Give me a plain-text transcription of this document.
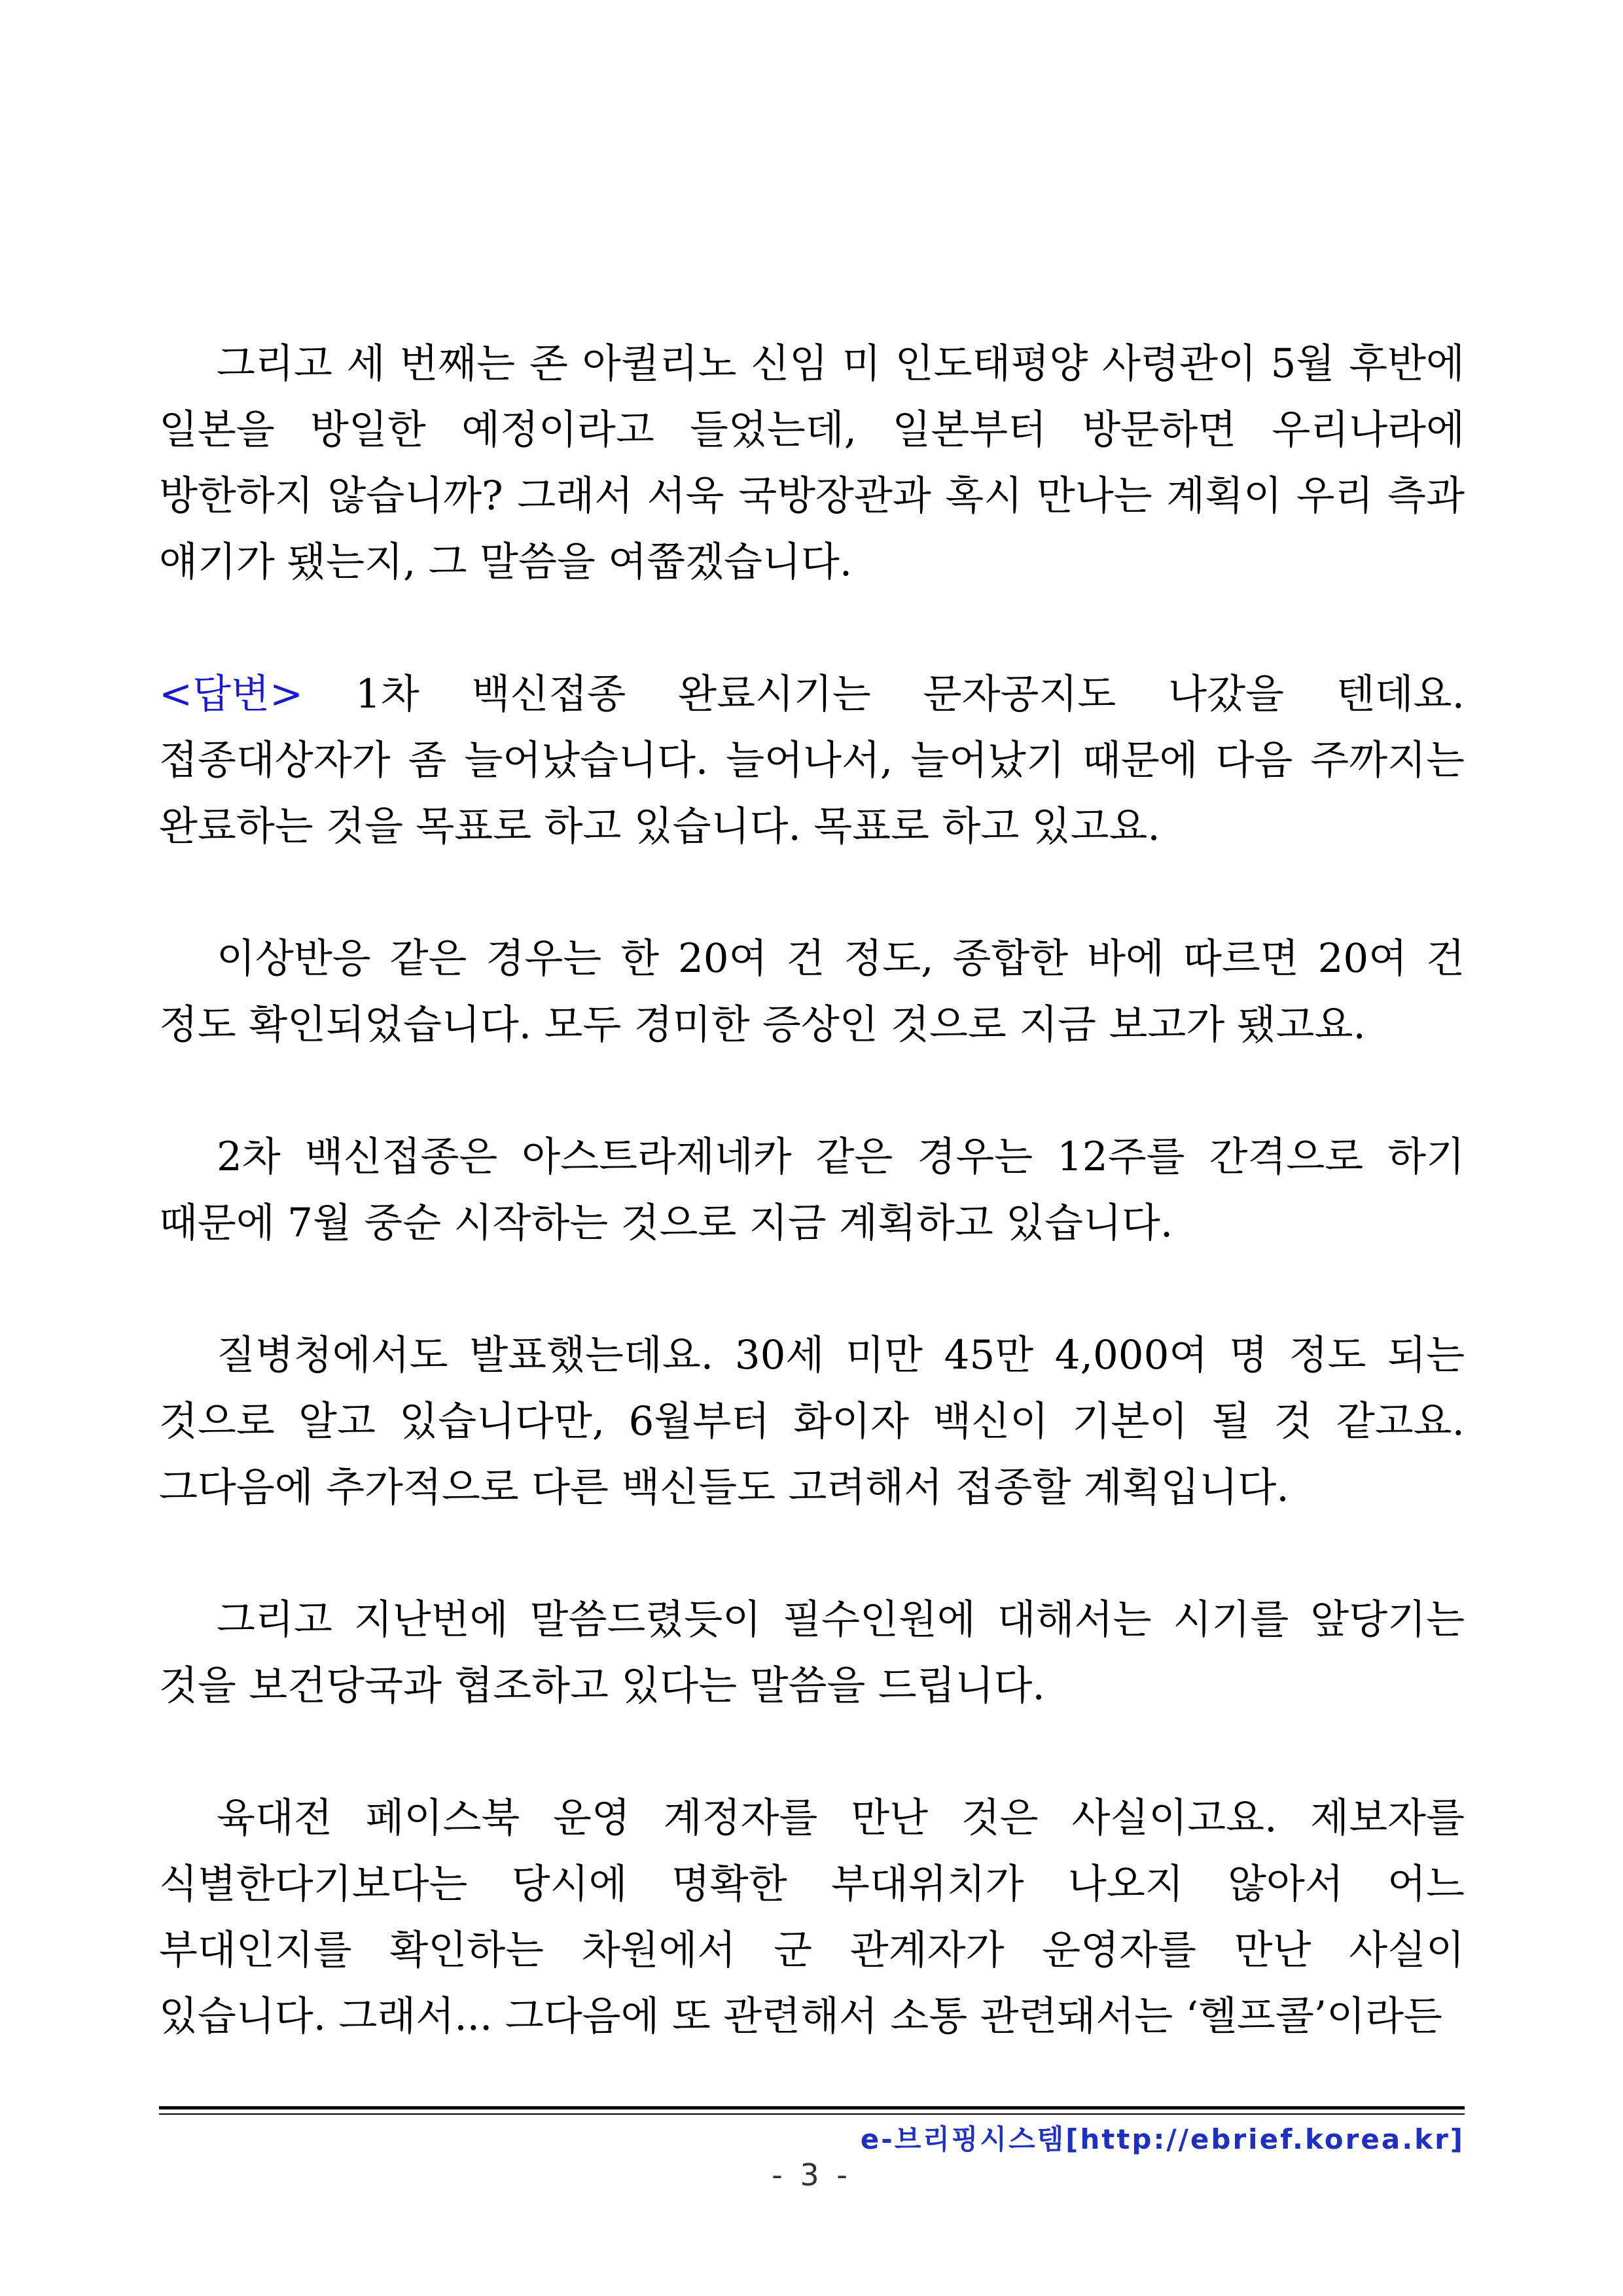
그리고 세 번째는 존 아퀼리노 신임 미 인도태평양 사령관이 5월 후반에 일본을 방일한 예정이라고 들었는데, 일본부터 방문하면 우리나라에 방한하지 않습니까? 그래서 서욱 국방장관과 혹시 만나는 계획이 우리 측과 얘기가 됐는지, 그 말씀을 여쭙겠습니다.

<답변> 1차 백신접종 완료시기는 문자공지도 나갔을 텐데요. 접종대상자가 좀 늘어났습니다. 늘어나서, 늘어났기 때문에 다음 주까지는 완료하는 것을 목표로 하고 있습니다. 목표로 하고 있고요.

이상반응 같은 경우는 한 20여 건 정도, 종합한 바에 따르면 20여 건 정도 확인되었습니다. 모두 경미한 증상인 것으로 지금 보고가 됐고요.

2차 백신접종은 아스트라제네카 같은 경우는 12주를 간격으로 하기 때문에 7월 중순 시작하는 것으로 지금 계획하고 있습니다.

질병청에서도 발표했는데요. 30세 미만 45만 4,000여 명 정도 되는 것으로 알고 있습니다만, 6월부터 화이자 백신이 기본이 될 것 같고요. 그다음에 추가적으로 다른 백신들도 고려해서 접종할 계획입니다.

그리고 지난번에 말씀드렸듯이 필수인원에 대해서는 시기를 앞당기는 것을 보건당국과 협조하고 있다는 말씀을 드립니다.

육대전 페이스북 운영 계정자를 만난 것은 사실이고요. 제보자를 식별한다기보다는 당시에 명확한 부대위치가 나오지 않아서 어느 부대인지를 확인하는 차원에서 군 관계자가 운영자를 만난 사실이 있습니다. 그래서... 그다음에 또 관련해서 소통 관련돼서는 ‘헬프콜’이라든

e-브리핑시스템[http://ebrief.korea.kr]
- 3 -
